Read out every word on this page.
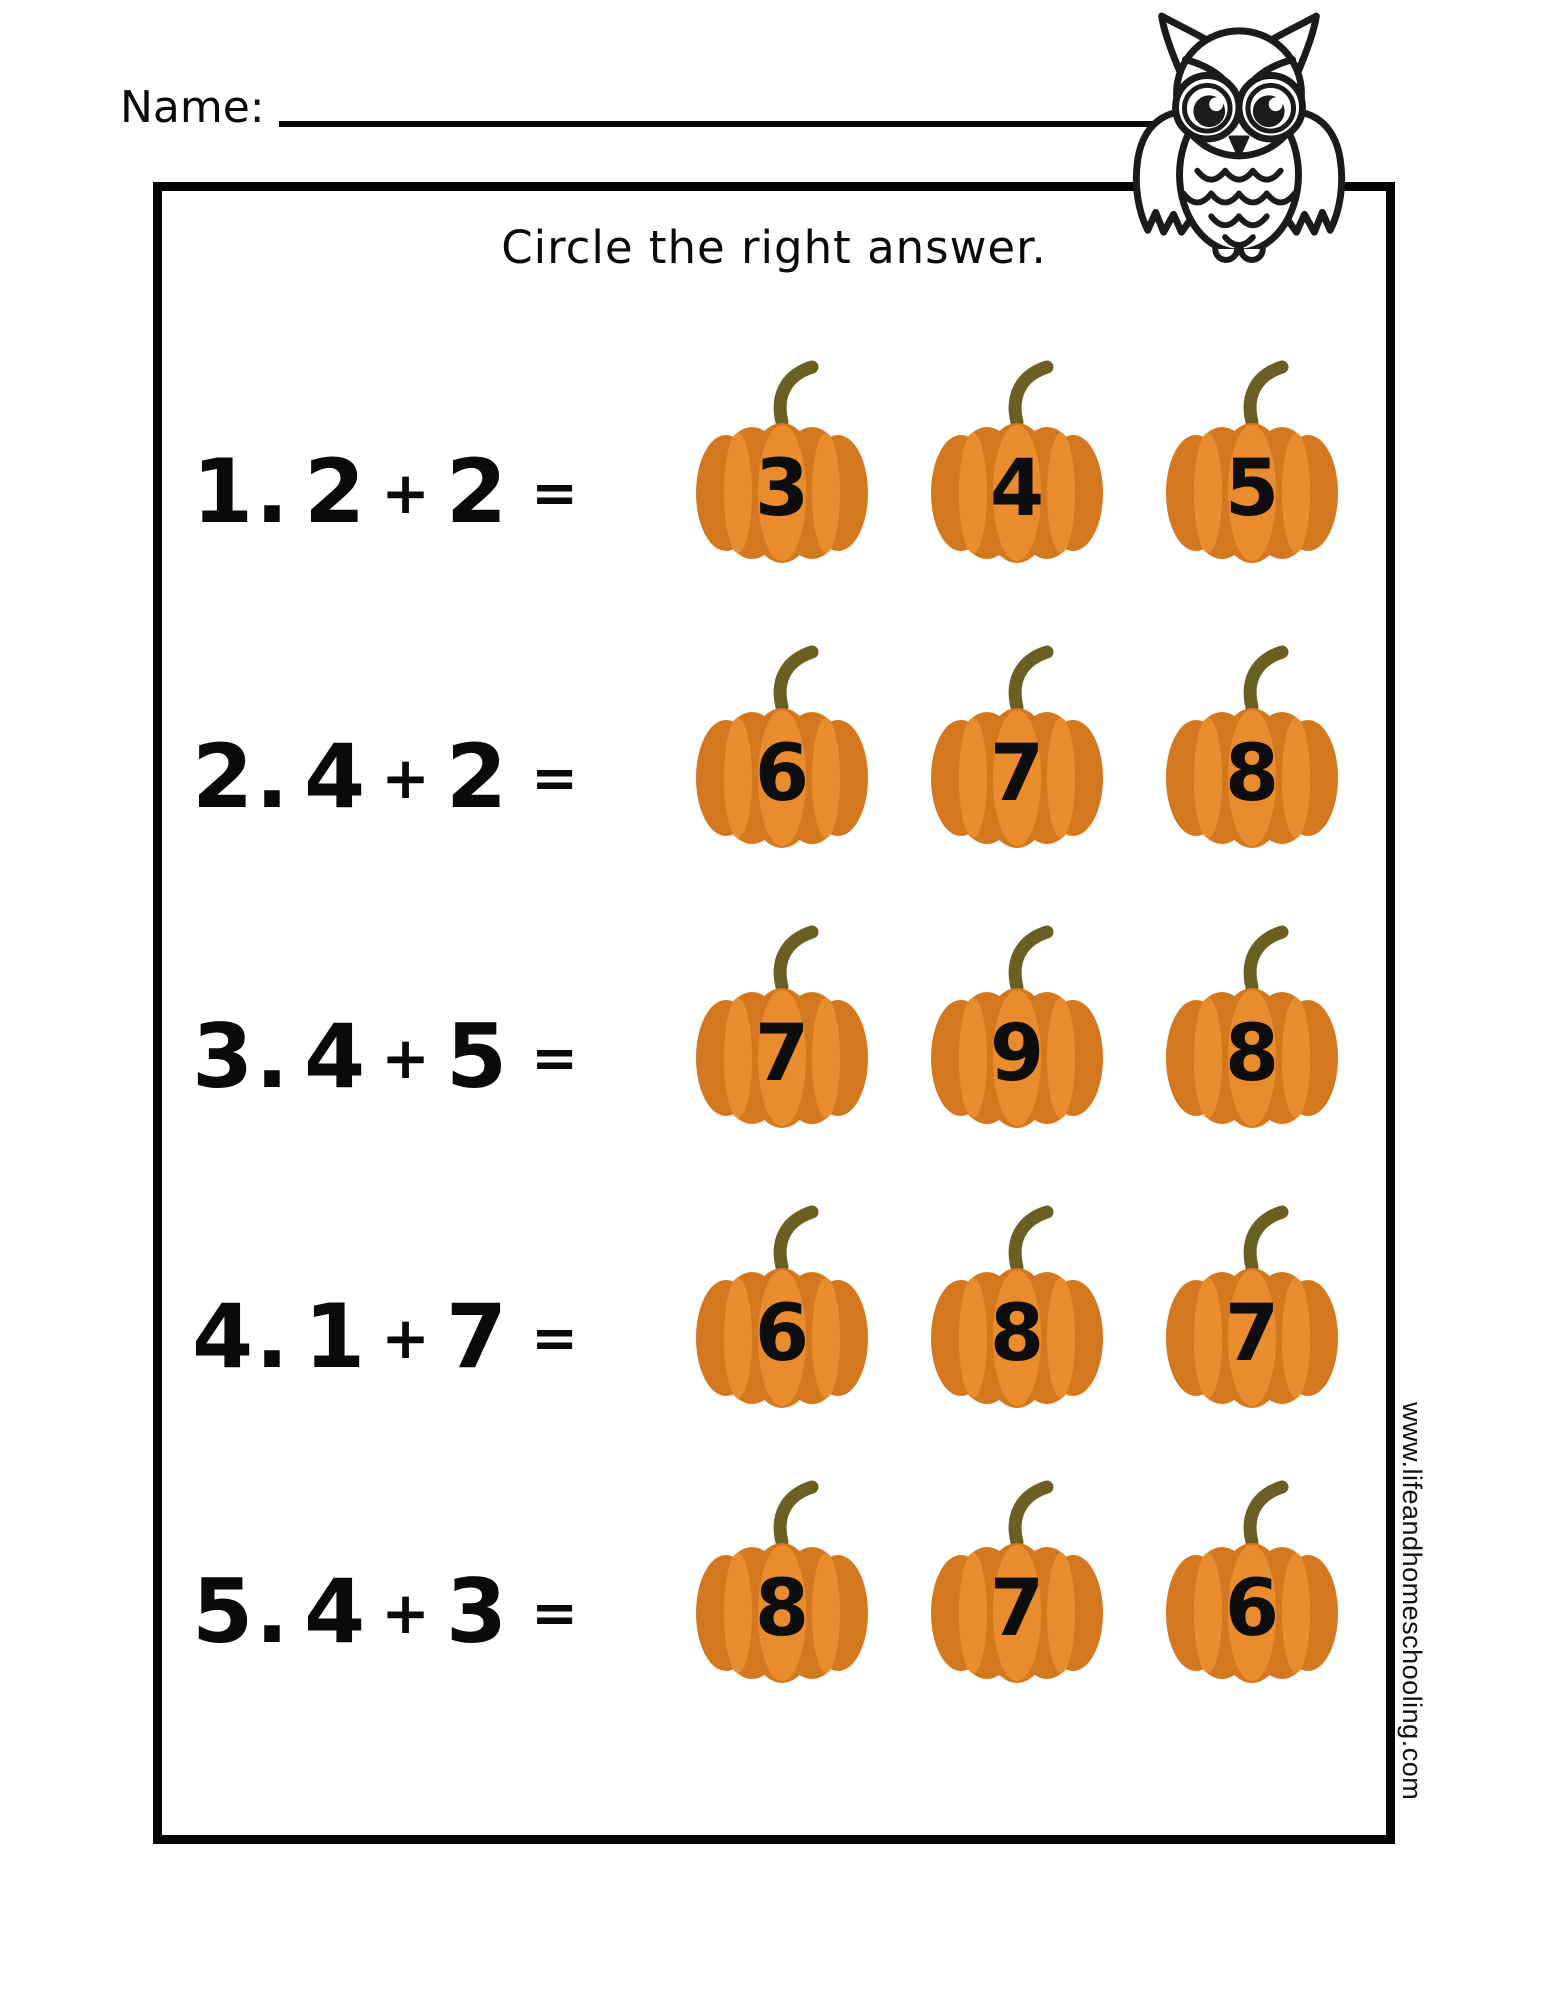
Name:
Circle the right answer.
1. 2 + 2 =	3	4	5
2. 4 + 2 =	6	7	8
3. 4 + 5 =	7	9	8
4. 1 + 7 =	6	8	7
5. 4 + 3 =	8	7	6	www.lifeandhomeschooling.com
